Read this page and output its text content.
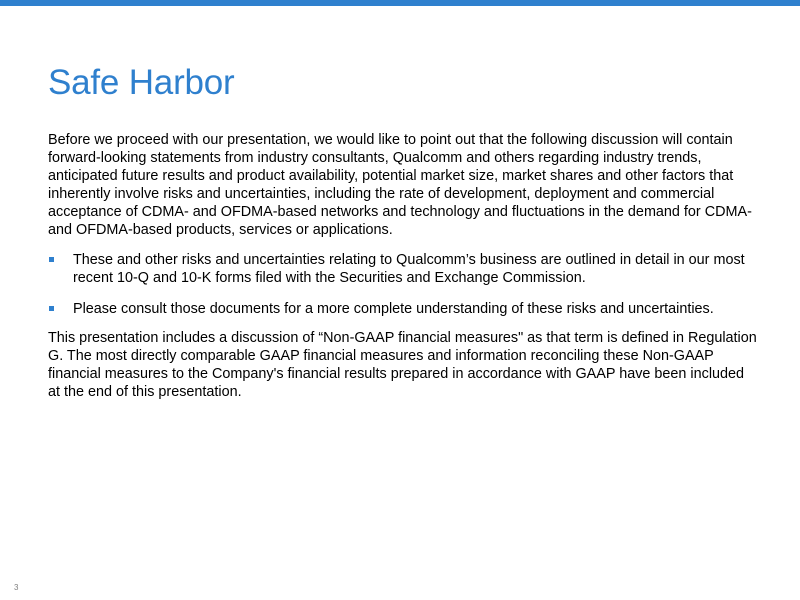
Safe Harbor

Before we proceed with our presentation, we would like to point out that the following discussion will contain forward-looking statements from industry consultants, Qualcomm and others regarding industry trends, anticipated future results and product availability, potential market size, market shares and other factors that inherently involve risks and uncertainties, including the rate of development, deployment and commercial acceptance of CDMA- and OFDMA-based networks and technology and fluctuations in the demand for CDMA- and OFDMA-based products, services or applications.

These and other risks and uncertainties relating to Qualcomm’s business are outlined in detail in our most recent 10-Q and 10-K forms filed with the Securities and Exchange Commission.
Please consult those documents for a more complete understanding of these risks and uncertainties.

This presentation includes a discussion of “Non-GAAP financial measures" as that term is defined in Regulation G. The most directly comparable GAAP financial measures and information reconciling these Non-GAAP financial measures to the Company's financial results prepared in accordance with GAAP have been included at the end of this presentation.

3
